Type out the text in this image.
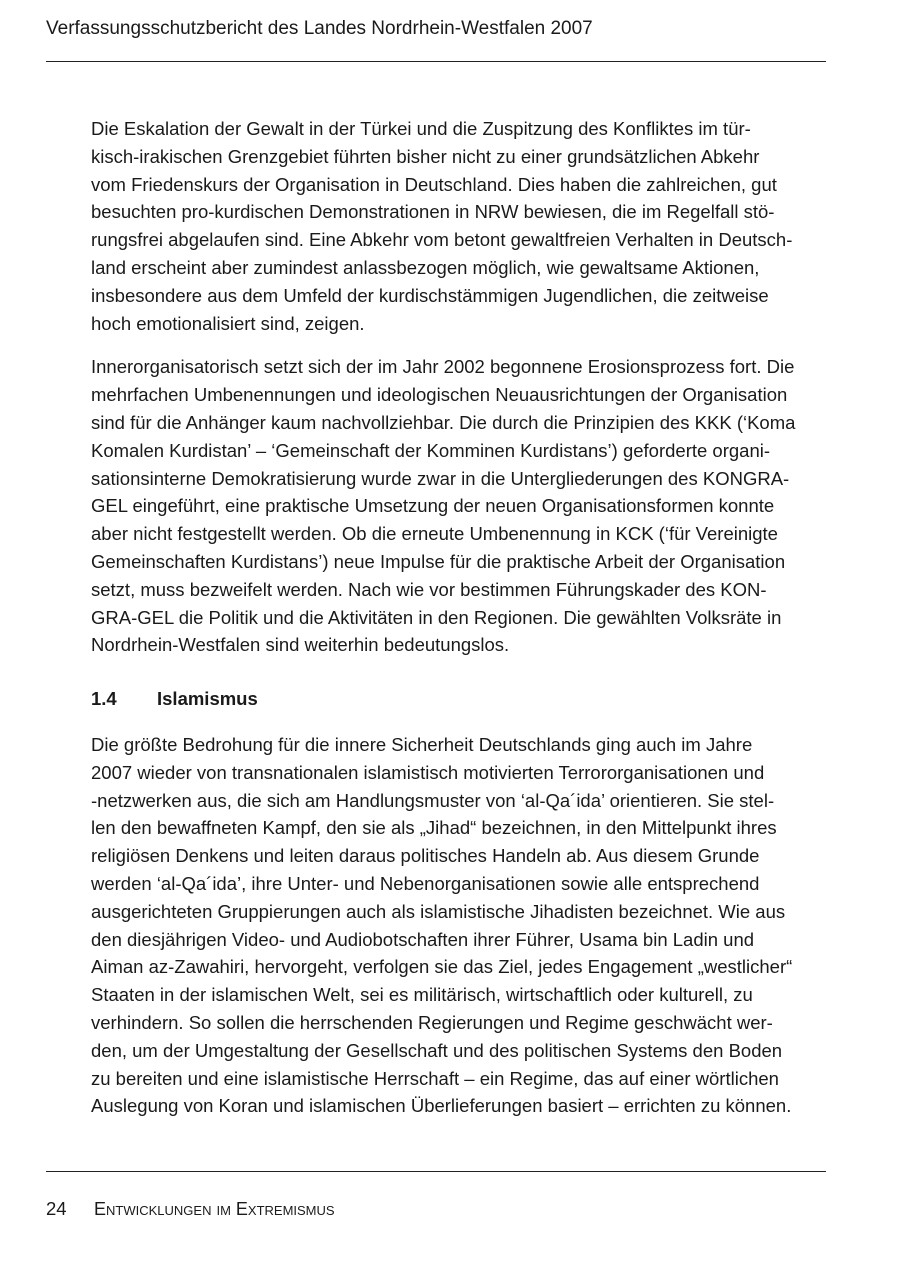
Verfassungsschutzbericht des Landes Nordrhein-Westfalen 2007
Die Eskalation der Gewalt in der Türkei und die Zuspitzung des Konfliktes im tür-
kisch-irakischen Grenzgebiet führten bisher nicht zu einer grundsätzlichen Abkehr
vom Friedenskurs der Organisation in Deutschland. Dies haben die zahlreichen, gut
besuchten pro-kurdischen Demonstrationen in NRW bewiesen, die im Regelfall stö-
rungsfrei abgelaufen sind. Eine Abkehr vom betont gewaltfreien Verhalten in Deutsch-
land erscheint aber zumindest anlassbezogen möglich, wie gewaltsame Aktionen,
insbesondere aus dem Umfeld der kurdischstämmigen Jugendlichen, die zeitweise
hoch emotionalisiert sind, zeigen.
Innerorganisatorisch setzt sich der im Jahr 2002 begonnene Erosionsprozess fort. Die
mehrfachen Umbenennungen und ideologischen Neuausrichtungen der Organisation
sind für die Anhänger kaum nachvollziehbar. Die durch die Prinzipien des KKK (‘Koma
Komalen Kurdistan’ – ‘Gemeinschaft der Komminen Kurdistans’) geforderte organi-
sationsinterne Demokratisierung wurde zwar in die Untergliederungen des KONGRA-
GEL eingeführt, eine praktische Umsetzung der neuen Organisationsformen konnte
aber nicht festgestellt werden. Ob die erneute Umbenennung in KCK (‘für Vereinigte
Gemeinschaften Kurdistans’) neue Impulse für die praktische Arbeit der Organisation
setzt, muss bezweifelt werden. Nach wie vor bestimmen Führungskader des KON-
GRA-GEL die Politik und die Aktivitäten in den Regionen. Die gewählten Volksräte in
Nordrhein-Westfalen sind weiterhin bedeutungslos.
1.4 Islamismus
Die größte Bedrohung für die innere Sicherheit Deutschlands ging auch im Jahre
2007 wieder von transnationalen islamistisch motivierten Terrororganisationen und
-netzwerken aus, die sich am Handlungsmuster von ‘al-Qa´ida’ orientieren. Sie stel-
len den bewaffneten Kampf, den sie als „Jihad“ bezeichnen, in den Mittelpunkt ihres
religiösen Denkens und leiten daraus politisches Handeln ab. Aus diesem Grunde
werden ‘al-Qa´ida’, ihre Unter- und Nebenorganisationen sowie alle entsprechend
ausgerichteten Gruppierungen auch als islamistische Jihadisten bezeichnet. Wie aus
den diesjährigen Video- und Audiobotschaften ihrer Führer, Usama bin Ladin und
Aiman az-Zawahiri, hervorgeht, verfolgen sie das Ziel, jedes Engagement „westlicher“
Staaten in der islamischen Welt, sei es militärisch, wirtschaftlich oder kulturell, zu
verhindern. So sollen die herrschenden Regierungen und Regime geschwächt wer-
den, um der Umgestaltung der Gesellschaft und des politischen Systems den Boden
zu bereiten und eine islamistische Herrschaft – ein Regime, das auf einer wörtlichen
Auslegung von Koran und islamischen Überlieferungen basiert – errichten zu können.
24 Entwicklungen im Extremismus
